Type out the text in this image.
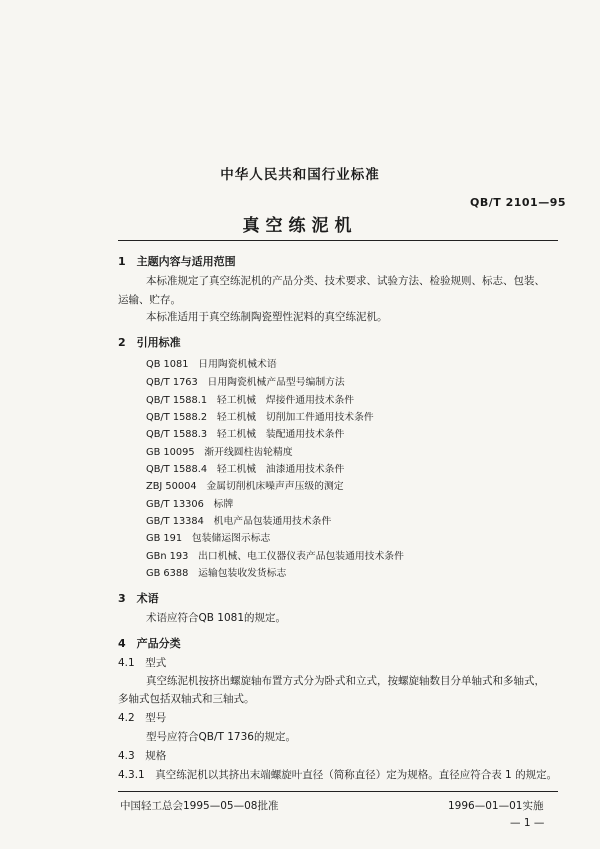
中华人民共和国行业标准
QB/T 2101—95
真空练泥机
1　主题内容与适用范围
本标准规定了真空练泥机的产品分类、技术要求、试验方法、检验规则、标志、包装、
运输、贮存。
本标准适用于真空练制陶瓷塑性泥料的真空练泥机。
2　引用标准
QB 1081　日用陶瓷机械术语
QB/T 1763　日用陶瓷机械产品型号编制方法
QB/T 1588.1　轻工机械　焊接件通用技术条件
QB/T 1588.2　轻工机械　切削加工件通用技术条件
QB/T 1588.3　轻工机械　装配通用技术条件
GB 10095　渐开线圆柱齿轮精度
QB/T 1588.4　轻工机械　油漆通用技术条件
ZBJ 50004　金属切削机床噪声声压级的测定
GB/T 13306　标牌
GB/T 13384　机电产品包装通用技术条件
GB 191　包装储运图示标志
GBn 193　出口机械、电工仪器仪表产品包装通用技术条件
GB 6388　运输包装收发货标志
3　术语
术语应符合QB 1081的规定。
4　产品分类
4.1　型式
真空练泥机按挤出螺旋轴布置方式分为卧式和立式，按螺旋轴数目分单轴式和多轴式，
多轴式包括双轴式和三轴式。
4.2　型号
型号应符合QB/T 1736的规定。
4.3　规格
4.3.1　真空练泥机以其挤出末端螺旋叶直径（简称直径）定为规格。直径应符合表 1 的规定。
中国轻工总会1995—05—08批准	1996—01—01实施
— 1 —
